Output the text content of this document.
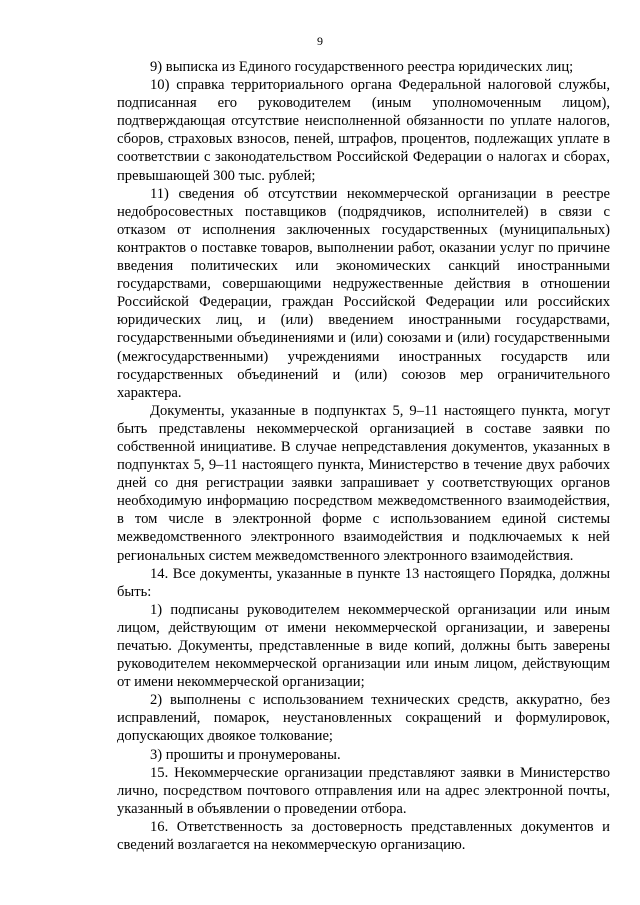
9

9) выписка из Единого государственного реестра юридических лиц;

10) справка территориального органа Федеральной налоговой службы, подписанная его руководителем (иным уполномоченным лицом), подтверждающая отсутствие неисполненной обязанности по уплате налогов, сборов, страховых взносов, пеней, штрафов, процентов, подлежащих уплате в соответствии с законодательством Российской Федерации о налогах и сборах, превышающей 300 тыс. рублей;

11) сведения об отсутствии некоммерческой организации в реестре недобросовестных поставщиков (подрядчиков, исполнителей) в связи с отказом от исполнения заключенных государственных (муниципальных) контрактов о поставке товаров, выполнении работ, оказании услуг по причине введения политических или экономических санкций иностранными государствами, совершающими недружественные действия в отношении Российской Федерации, граждан Российской Федерации или российских юридических лиц, и (или) введением иностранными государствами, государственными объединениями и (или) союзами и (или) государственными (межгосударственными) учреждениями иностранных государств или государственных объединений и (или) союзов мер ограничительного характера.

Документы, указанные в подпунктах 5, 9–11 настоящего пункта, могут быть представлены некоммерческой организацией в составе заявки по собственной инициативе. В случае непредставления документов, указанных в подпунктах 5, 9–11 настоящего пункта, Министерство в течение двух рабочих дней со дня регистрации заявки запрашивает у соответствующих органов необходимую информацию посредством межведомственного взаимодействия, в том числе в электронной форме с использованием единой системы межведомственного электронного взаимодействия и подключаемых к ней региональных систем межведомственного электронного взаимодействия.

14. Все документы, указанные в пункте 13 настоящего Порядка, должны быть:

1) подписаны руководителем некоммерческой организации или иным лицом, действующим от имени некоммерческой организации, и заверены печатью. Документы, представленные в виде копий, должны быть заверены руководителем некоммерческой организации или иным лицом, действующим от имени некоммерческой организации;

2) выполнены с использованием технических средств, аккуратно, без исправлений, помарок, неустановленных сокращений и формулировок, допускающих двоякое толкование;

3) прошиты и пронумерованы.

15. Некоммерческие организации представляют заявки в Министерство лично, посредством почтового отправления или на адрес электронной почты, указанный в объявлении о проведении отбора.

16. Ответственность за достоверность представленных документов и сведений возлагается на некоммерческую организацию.
